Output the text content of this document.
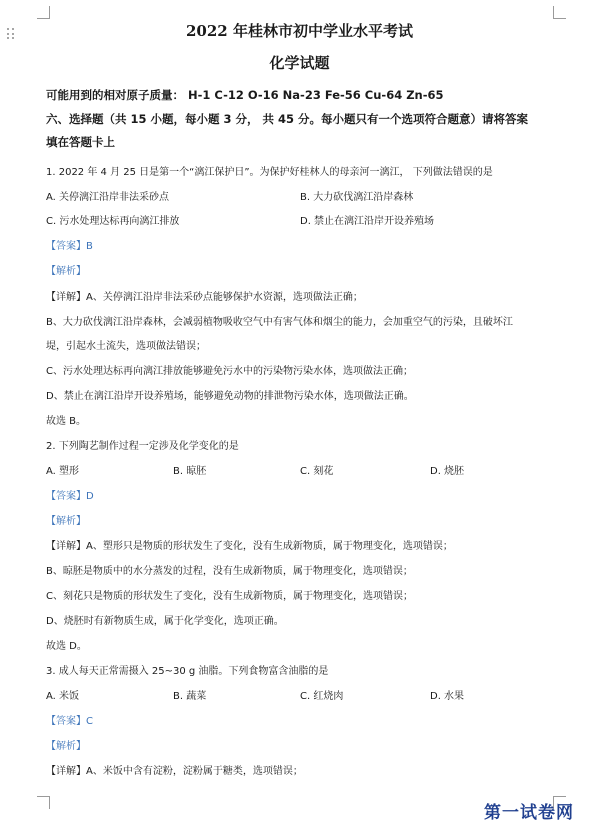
2022 年桂林市初中学业水平考试
化学试题
可能用到的相对原子质量： H-1 C-12 O-16 Na-23 Fe-56 Cu-64 Zn-65
六、选择题（共 15 小题，每小题 3 分， 共 45 分。每小题只有一个选项符合题意）请将答案
填在答题卡上
1. 2022 年 4 月 25 日是第一个“漓江保护日”。为保护好桂林人的母亲河一漓江， 下列做法错误的是
A. 关停漓江沿岸非法采砂点	B. 大力砍伐漓江沿岸森林
C. 污水处理达标再向漓江排放	D. 禁止在漓江沿岸开设养殖场
【答案】B
【解析】
【详解】A、关停漓江沿岸非法采砂点能够保护水资源，选项做法正确；
B、大力砍伐漓江沿岸森林，会减弱植物吸收空气中有害气体和烟尘的能力，会加重空气的污染，且破坏江
堤，引起水土流失，选项做法错误；
C、污水处理达标再向漓江排放能够避免污水中的污染物污染水体，选项做法正确；
D、禁止在漓江沿岸开设养殖场，能够避免动物的排泄物污染水体，选项做法正确。
故选 B。
2. 下列陶艺制作过程一定涉及化学变化的是
A. 塑形	B. 晾胚	C. 刻花	D. 烧胚
【答案】D
【解析】
【详解】A、塑形只是物质的形状发生了变化，没有生成新物质，属于物理变化，选项错误；
B、晾胚是物质中的水分蒸发的过程，没有生成新物质，属于物理变化，选项错误；
C、刻花只是物质的形状发生了变化，没有生成新物质，属于物理变化，选项错误；
D、烧胚时有新物质生成，属于化学变化，选项正确。
故选 D。
3. 成人每天正常需摄入 25~30 g 油脂。下列食物富含油脂的是
A. 米饭	B. 蔬菜	C. 红烧肉	D. 水果
【答案】C
【解析】
【详解】A、米饭中含有淀粉，淀粉属于糖类，选项错误；
第一试卷网
